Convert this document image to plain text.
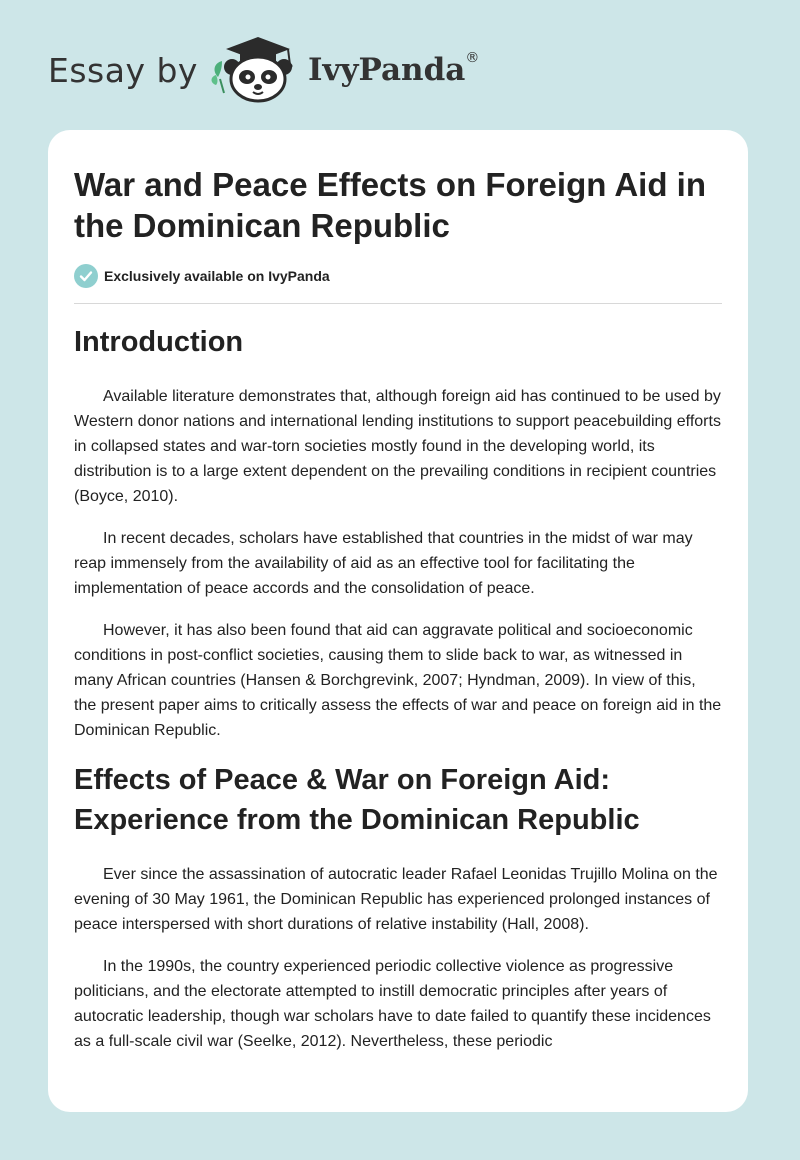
Essay by	IvyPanda®
War and Peace Effects on Foreign Aid in the Dominican Republic
Exclusively available on IvyPanda
Introduction

Available literature demonstrates that, although foreign aid has continued to be used by Western donor nations and international lending institutions to support peacebuilding efforts in collapsed states and war-torn societies mostly found in the developing world, its distribution is to a large extent dependent on the prevailing conditions in recipient countries (Boyce, 2010).

In recent decades, scholars have established that countries in the midst of war may reap immensely from the availability of aid as an effective tool for facilitating the implementation of peace accords and the consolidation of peace.

However, it has also been found that aid can aggravate political and socioeconomic conditions in post-conflict societies, causing them to slide back to war, as witnessed in many African countries (Hansen & Borchgrevink, 2007; Hyndman, 2009). In view of this, the present paper aims to critically assess the effects of war and peace on foreign aid in the Dominican Republic.

Effects of Peace & War on Foreign Aid: Experience from the Dominican Republic

Ever since the assassination of autocratic leader Rafael Leonidas Trujillo Molina on the evening of 30 May 1961, the Dominican Republic has experienced prolonged instances of peace interspersed with short durations of relative instability (Hall, 2008).

In the 1990s, the country experienced periodic collective violence as progressive politicians, and the electorate attempted to instill democratic principles after years of autocratic leadership, though war scholars have to date failed to quantify these incidences as a full-scale civil war (Seelke, 2012). Nevertheless, these periodic
